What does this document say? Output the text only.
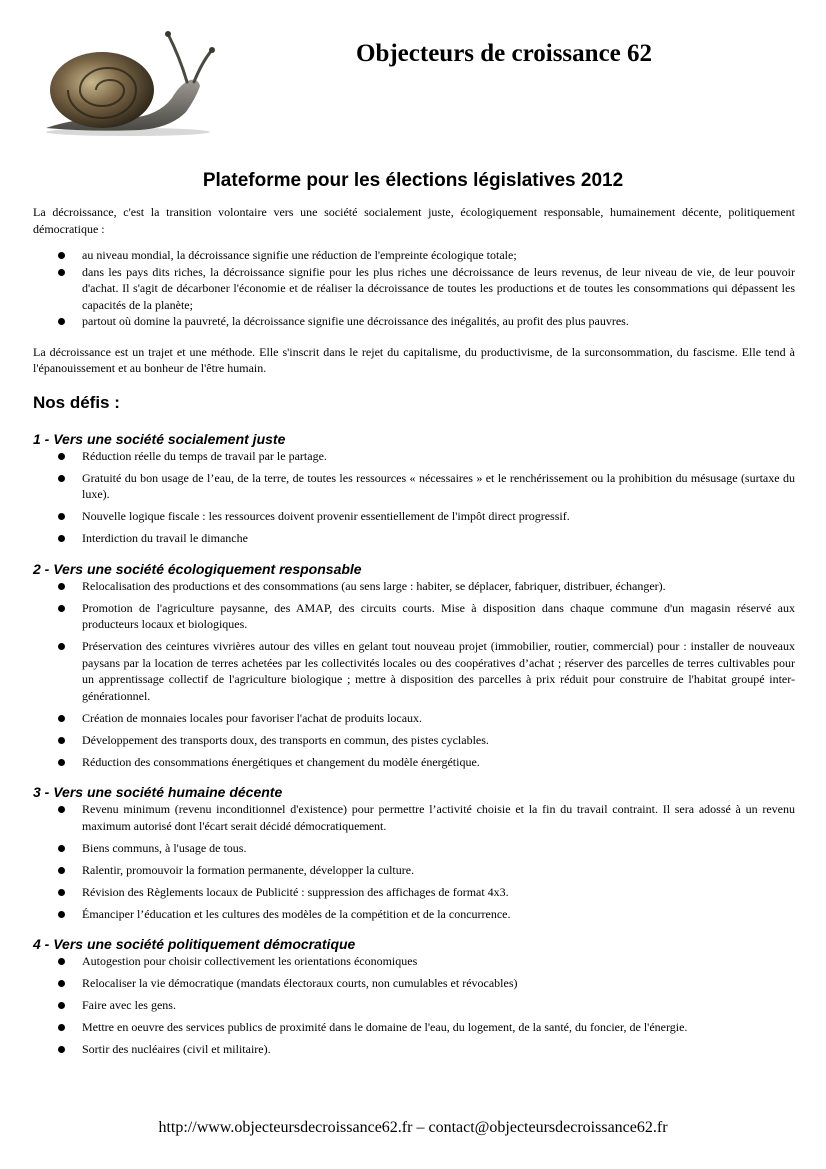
Objecteurs de croissance 62
Plateforme pour les élections législatives 2012

La décroissance, c'est la transition volontaire vers une société socialement juste, écologiquement responsable, humainement décente, politiquement démocratique :

au niveau mondial, la décroissance signifie une réduction de l'empreinte écologique totale;
dans les pays dits riches, la décroissance signifie pour les plus riches une décroissance de leurs revenus, de leur niveau de vie, de leur pouvoir d'achat. Il s'agit de décarboner l'économie et de réaliser la décroissance de toutes les productions et de toutes les consommations qui dépassent les capacités de la planète;
partout où domine la pauvreté, la décroissance signifie une décroissance des inégalités, au profit des plus pauvres.

La décroissance est un trajet et une méthode. Elle s'inscrit dans le rejet du capitalisme, du productivisme, de la surconsommation, du fascisme. Elle tend à l'épanouissement et au bonheur de l'être humain.

Nos défis :
1 - Vers une société socialement juste
Réduction réelle du temps de travail par le partage.
Gratuité du bon usage de l’eau, de la terre, de toutes les ressources « nécessaires » et le renchérissement ou la prohibition du mésusage (surtaxe du luxe).
Nouvelle logique fiscale : les ressources doivent provenir essentiellement de l'impôt direct progressif.
Interdiction du travail le dimanche
2 - Vers une société écologiquement responsable
Relocalisation des productions et des consommations (au sens large : habiter, se déplacer, fabriquer, distribuer, échanger).
Promotion de l'agriculture paysanne, des AMAP, des circuits courts. Mise à disposition dans chaque commune d'un magasin réservé aux producteurs locaux et biologiques.
Préservation des ceintures vivrières autour des villes en gelant tout nouveau projet (immobilier, routier, commercial) pour : installer de nouveaux paysans par la location de terres achetées par les collectivités locales ou des coopératives d’achat ; réserver des parcelles de terres cultivables pour un apprentissage collectif de l'agriculture biologique ; mettre à disposition des parcelles à prix réduit pour construire de l'habitat groupé inter-générationnel.
Création de monnaies locales pour favoriser l'achat de produits locaux.
Développement des transports doux, des transports en commun, des pistes cyclables.
Réduction des consommations énergétiques et changement du modèle énergétique.
3 - Vers une société humaine décente
Revenu minimum (revenu inconditionnel d'existence) pour permettre l’activité choisie et la fin du travail contraint. Il sera adossé à un revenu maximum autorisé dont l'écart serait décidé démocratiquement.
Biens communs, à l'usage de tous.
Ralentir, promouvoir la formation permanente, développer la culture.
Révision des Règlements locaux de Publicité : suppression des affichages de format 4x3.
Émanciper l’éducation et les cultures des modèles de la compétition et de la concurrence.
4 - Vers une société politiquement démocratique
Autogestion pour choisir collectivement les orientations économiques
Relocaliser la vie démocratique (mandats électoraux courts, non cumulables et révocables)
Faire avec les gens.
Mettre en oeuvre des services publics de proximité dans le domaine de l'eau, du logement, de la santé, du foncier, de l'énergie.
Sortir des nucléaires (civil et militaire).

http://www.objecteursdecroissance62.fr – contact@objecteursdecroissance62.fr
